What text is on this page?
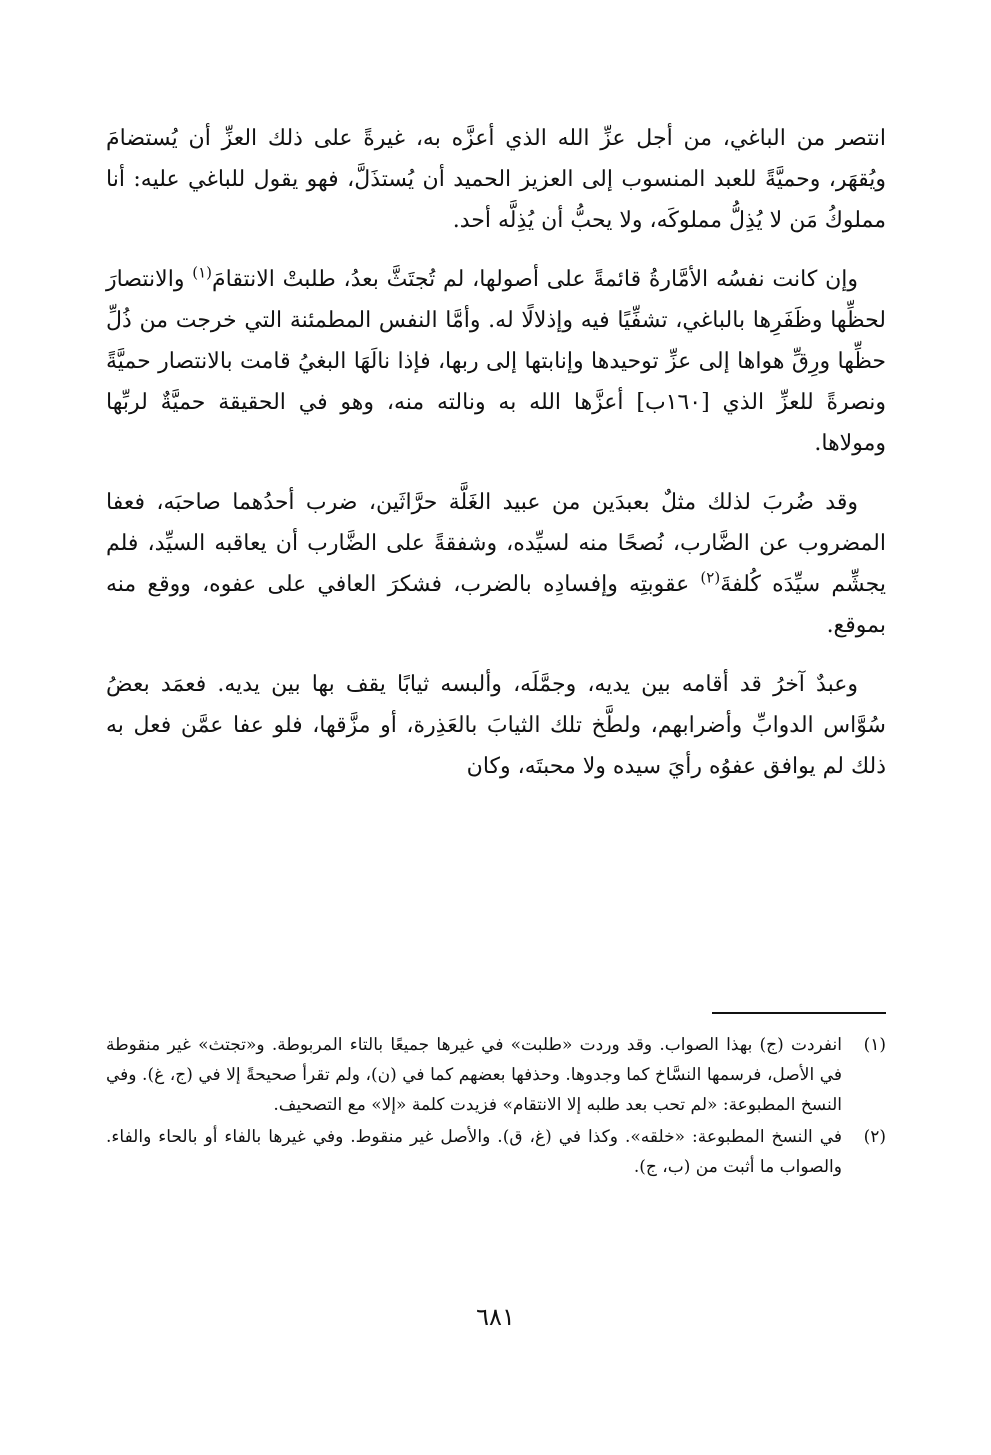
انتصر من الباغي، من أجل عزِّ الله الذي أعزَّه به، غيرةً على ذلك العزِّ أن يُستضامَ ويُقهَر، وحميَّةً للعبد المنسوب إلى العزيز الحميد أن يُستذَلَّ، فهو يقول للباغي عليه: أنا مملوكُ مَن لا يُذِلُّ مملوكَه، ولا يحبُّ أن يُذِلَّه أحد.

وإن كانت نفسُه الأمَّارةُ قائمةً على أصولها، لم تُجتَثَّ بعدُ، طلبتْ الانتقامَ$^{(١)}$ والانتصارَ لحظِّها وظَفَرِها بالباغي، تشفِّيًا فيه وإذلالًا له. وأمَّا النفس المطمئنة التي خرجت من ذُلِّ حظِّها ورِقِّ هواها إلى عزِّ توحيدها وإنابتها إلى ربها، فإذا نالَهَا البغيُ قامت بالانتصار حميَّةً ونصرةً للعزِّ الذي [١٦٠ب] أعزَّها الله به ونالته منه، وهو في الحقيقة حميَّةٌ لربِّها ومولاها.

وقد ضُربَ لذلك مثلٌ بعبدَين من عبيد الغَلَّة حرَّاثَين، ضرب أحدُهما صاحبَه، فعفا المضروب عن الضَّارب، نُصحًا منه لسيِّده، وشفقةً على الضَّارب أن يعاقبه السيِّد، فلم يجشِّم سيِّدَه كُلفةَ$^{(٢)}$ عقوبتِه وإفسادِه بالضرب، فشكرَ العافي على عفوه، ووقع منه بموقع.

وعبدٌ آخرُ قد أقامه بين يديه، وجمَّلَه، وألبسه ثيابًا يقف بها بين يديه. فعمَد بعضُ سُوَّاس الدوابِّ وأضرابهم، ولطَّخ تلك الثيابَ بالعَذِرة، أو مزَّقها، فلو عفا عمَّن فعل به ذلك لم يوافق عفوُه رأيَ سيده ولا محبتَه، وكان

(١)
انفردت (ج) بهذا الصواب. وقد وردت «طلبت» في غيرها جميعًا بالتاء المربوطة. و«تجتث» غير منقوطة في الأصل، فرسمها النسَّاخ كما وجدوها. وحذفها بعضهم كما في (ن)، ولم تقرأ صحيحةً إلا في (ج، غ). وفي النسخ المطبوعة: «لم تحب بعد طلبه إلا الانتقام» فزيدت كلمة «إلا» مع التصحيف.
(٢)
في النسخ المطبوعة: «خلقه». وكذا في (غ، ق). والأصل غير منقوط. وفي غيرها بالفاء أو بالحاء والفاء. والصواب ما أثبت من (ب، ج).
٦٨١
